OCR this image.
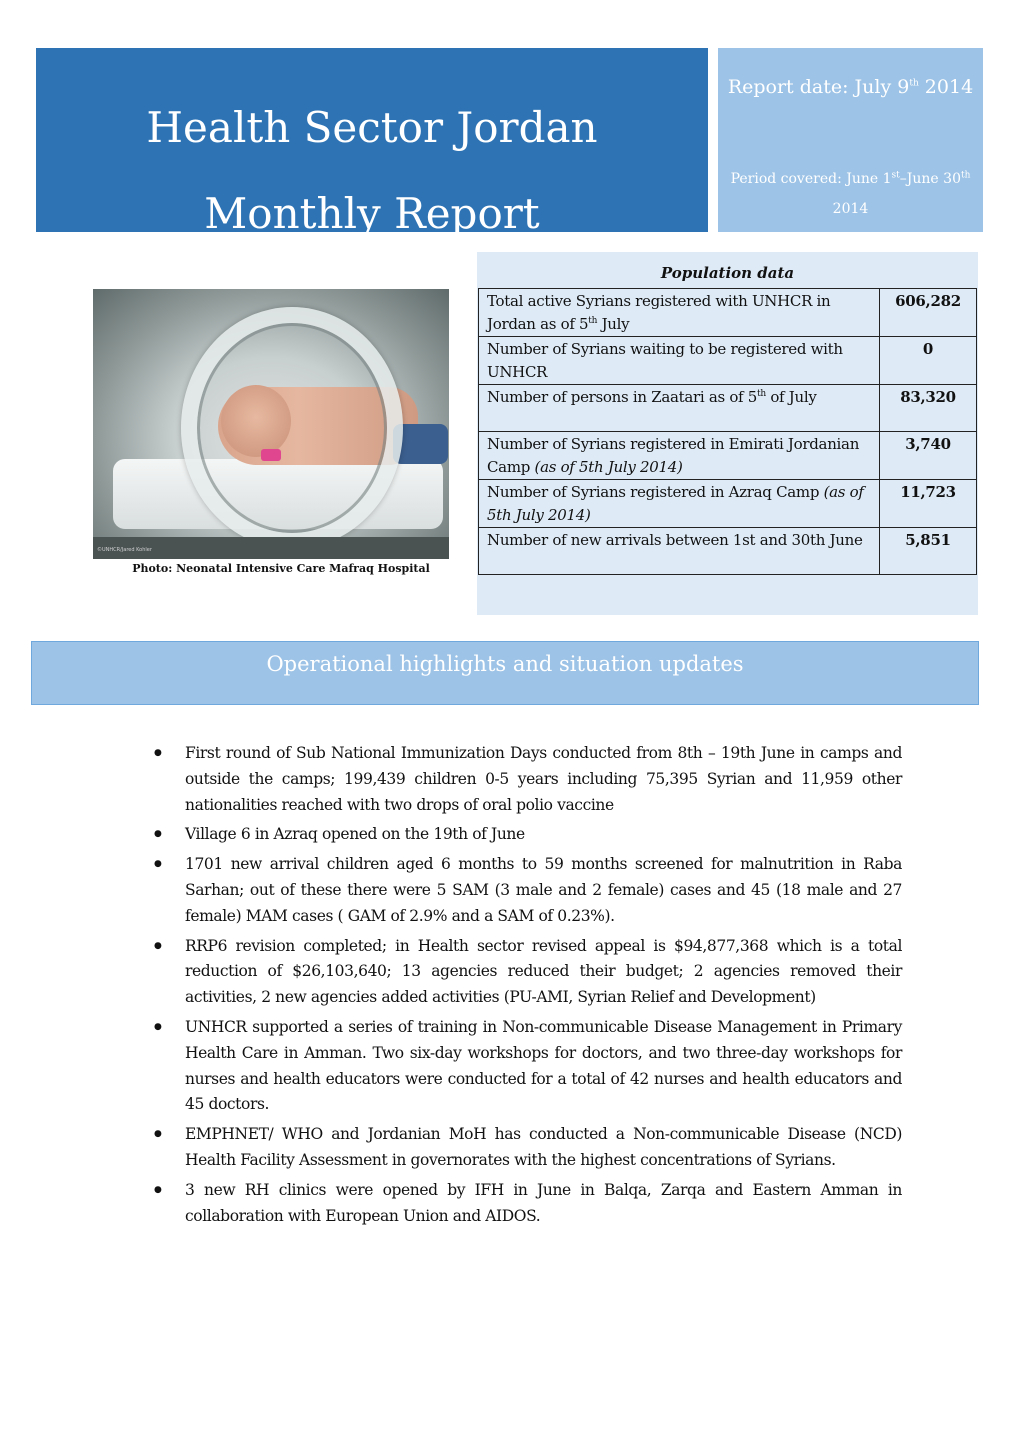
Health Sector Jordan
Monthly Report
Report date: July 9th 2014
Period covered: June 1st–June 30th 2014
©UNHCR/Jared Kohler
Photo: Neonatal Intensive Care Mafraq Hospital
Population data
Total active Syrians registered with UNHCR in Jordan as of 5th July	606,282
Number of Syrians waiting to be registered with UNHCR	0
Number of persons in Zaatari as of 5th of July	83,320
Number of Syrians registered in Emirati Jordanian Camp (as of 5th July 2014)	3,740
Number of Syrians registered in Azraq Camp (as of 5th July 2014)	11,723
Number of new arrivals between 1st and 30th June	5,851
Operational highlights and situation updates
● First round of Sub National Immunization Days conducted from 8th – 19th June in camps and outside the camps; 199,439 children 0-5 years including 75,395 Syrian and 11,959 other nationalities reached with two drops of oral polio vaccine
● Village 6 in Azraq opened on the 19th of June
● 1701 new arrival children aged 6 months to 59 months screened for malnutrition in Raba Sarhan; out of these there were 5 SAM (3 male and 2 female) cases and 45 (18 male and 27 female) MAM cases ( GAM of 2.9% and a SAM of 0.23%).
● RRP6 revision completed; in Health sector revised appeal is $94,877,368 which is a total reduction of $26,103,640; 13 agencies reduced their budget; 2 agencies removed their activities, 2 new agencies added activities (PU-AMI, Syrian Relief and Development)
● UNHCR supported a series of training in Non-communicable Disease Management in Primary Health Care in Amman. Two six-day workshops for doctors, and two three-day workshops for nurses and health educators were conducted for a total of 42 nurses and health educators and 45 doctors.
● EMPHNET/ WHO and Jordanian MoH has conducted a Non-communicable Disease (NCD) Health Facility Assessment in governorates with the highest concentrations of Syrians.
● 3 new RH clinics were opened by IFH in June in Balqa, Zarqa and Eastern Amman in collaboration with European Union and AIDOS.
